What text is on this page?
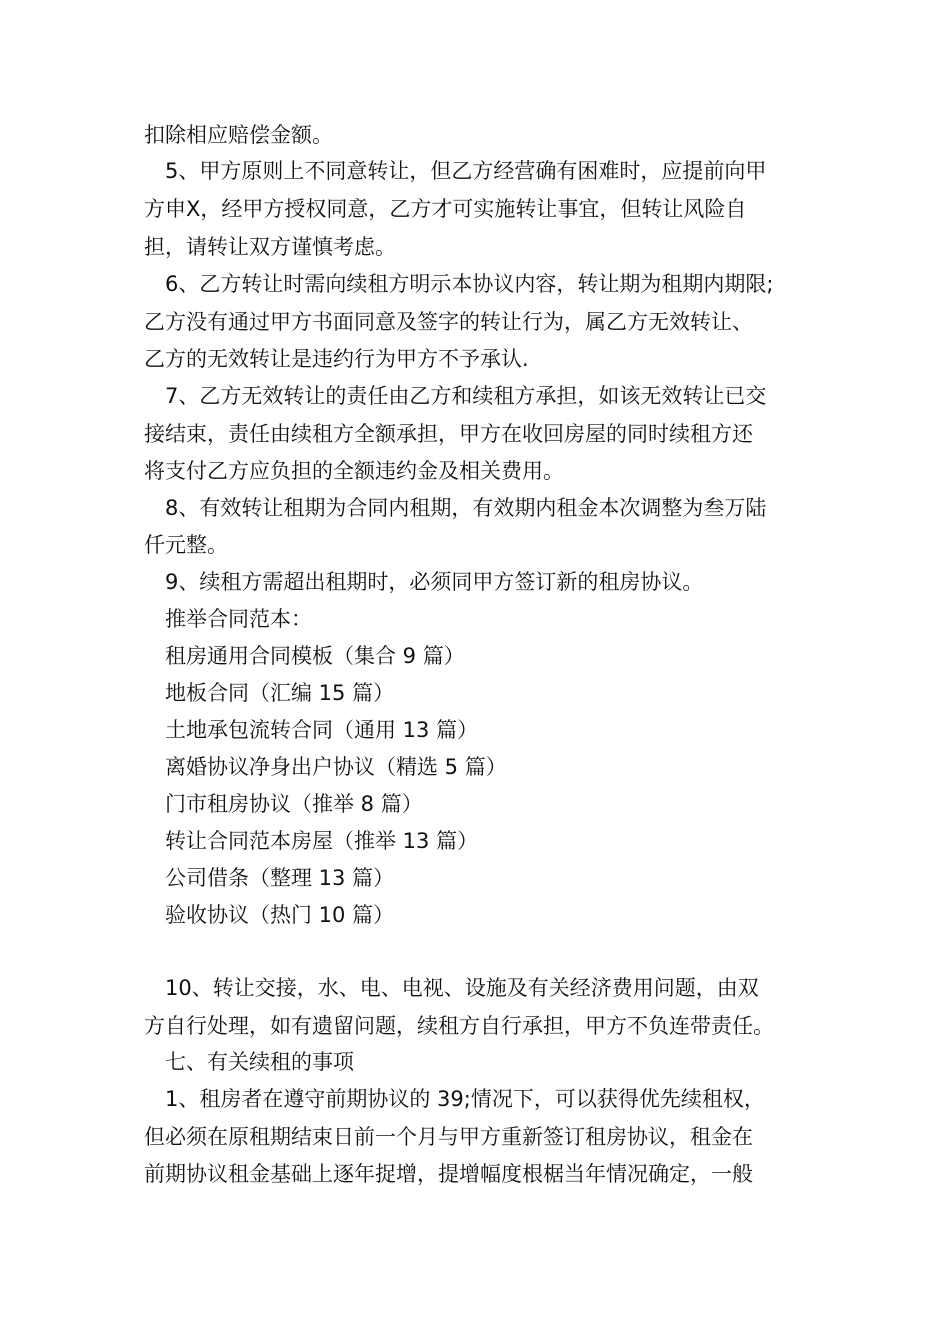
扣除相应赔偿金额。
5、甲方原则上不同意转让，但乙方经营确有困难时，应提前向甲
方申X，经甲方授权同意，乙方才可实施转让事宜，但转让风险自
担，请转让双方谨慎考虑。
6、乙方转让时需向续租方明示本协议内容，转让期为租期内期限;
乙方没有通过甲方书面同意及签字的转让行为，属乙方无效转让、
乙方的无效转让是违约行为甲方不予承认.
7、乙方无效转让的责任由乙方和续租方承担，如该无效转让已交
接结束，责任由续租方全额承担，甲方在收回房屋的同时续租方还
将支付乙方应负担的全额违约金及相关费用。
8、有效转让租期为合同内租期，有效期内租金本次调整为叁万陆
仟元整。
9、续租方需超出租期时，必须同甲方签订新的租房协议。
推举合同范本：
租房通用合同模板（集合 9 篇）
地板合同（汇编 15 篇）
土地承包流转合同（通用 13 篇）
离婚协议净身出户协议（精选 5 篇）
门市租房协议（推举 8 篇）
转让合同范本房屋（推举 13 篇）
公司借条（整理 13 篇）
验收协议（热门 10 篇）
10、转让交接，水、电、电视、设施及有关经济费用问题，由双
方自行处理，如有遗留问题，续租方自行承担，甲方不负连带责任。
七、有关续租的事项
1、租房者在遵守前期协议的 39;情况下，可以获得优先续租权，
但必须在原租期结束日前一个月与甲方重新签订租房协议，租金在
前期协议租金基础上逐年捉增，提增幅度根椐当年情况确定，一般
